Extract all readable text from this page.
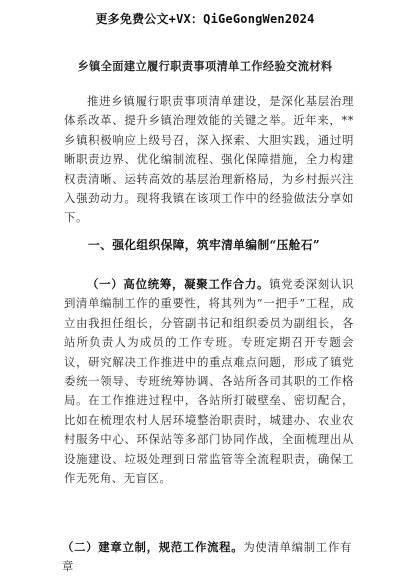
更多免费公文+VX：QiGeGongWen2024
乡镇全面建立履行职责事项清单工作经验交流材料

推进乡镇履行职责事项清单建设，是深化基层治理体系改革、提升乡镇治理效能的关键之举。近年来，**乡镇积极响应上级号召，深入探索、大胆实践，通过明晰职责边界、优化编制流程、强化保障措施，全力构建权责清晰、运转高效的基层治理新格局，为乡村振兴注入强劲动力。现将我镇在该项工作中的经验做法分享如下。

一、强化组织保障，筑牢清单编制“压舱石”

（一）高位统筹，凝聚工作合力。镇党委深刻认识到清单编制工作的重要性，将其列为“一把手”工程，成立由我担任组长，分管副书记和组织委员为副组长，各站所负责人为成员的工作专班。专班定期召开专题会议，研究解决工作推进中的重点难点问题，形成了镇党委统一领导、专班统筹协调、各站所各司其职的工作格局。在工作推进过程中，各站所打破壁垒、密切配合，比如在梳理农村人居环境整治职责时，城建办、农业农村服务中心、环保站等多部门协同作战，全面梳理出从设施建设、垃圾处理到日常监管等全流程职责，确保工作无死角、无盲区。

（二）建章立制，规范工作流程。为使清单编制工作有章
